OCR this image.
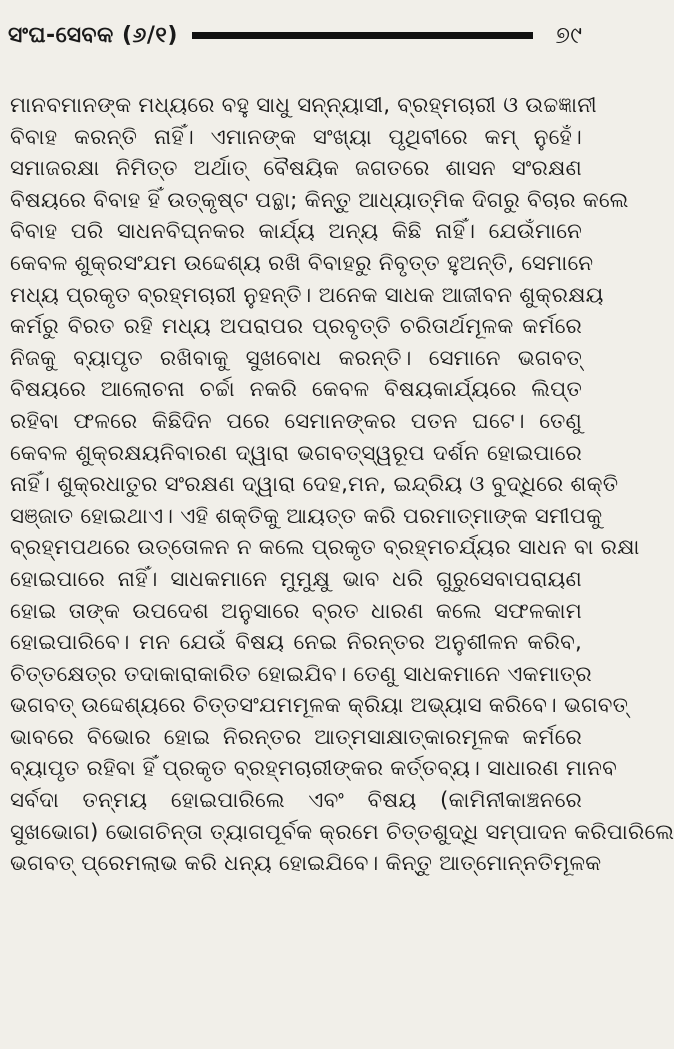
ସଂଘ-ସେବକ (୬/୧)	୭୯
ମାନବମାନଙ୍କ ମଧ୍ୟରେ ବହୁ ସାଧୁ ସନ୍ନ୍ୟାସୀ, ବ୍ରହ୍ମଚାରୀ ଓ ଉଚ୍ଚଜ୍ଞାନୀ
ବିବାହ କରନ୍ତି ନାହିଁ। ଏମାନଙ୍କ ସଂଖ୍ୟା ପୃଥିବୀରେ କମ୍ ନୁହେଁ।
ସମାଜରକ୍ଷା ନିମିତ୍ତ ଅର୍ଥାତ୍ ବୈଷୟିକ ଜଗତରେ ଶାସନ ସଂରକ୍ଷଣ
ବିଷୟରେ ବିବାହ ହିଁ ଉତ୍କୃଷ୍ଟ ପନ୍ଥା; କିନ୍ତୁ ଆଧ୍ୟାତ୍ମିକ ଦିଗରୁ ବିଚାର କଲେ
ବିବାହ ପରି ସାଧନବିଘ୍ନକର କାର୍ଯ୍ୟ ଅନ୍ୟ କିଛି ନାହିଁ। ଯେଉଁମାନେ
କେବଳ ଶୁକ୍ରସଂଯମ ଉଦ୍ଦେଶ୍ୟ ରଖି ବିବାହରୁ ନିବୃତ୍ତ ହୁଅନ୍ତି, ସେମାନେ
ମଧ୍ୟ ପ୍ରକୃତ ବ୍ରହ୍ମଚାରୀ ନୁହନ୍ତି। ଅନେକ ସାଧକ ଆଜୀବନ ଶୁକ୍ରକ୍ଷୟ
କର୍ମରୁ ବିରତ ରହି ମଧ୍ୟ ଅପରାପର ପ୍ରବୃତ୍ତି ଚରିତାର୍ଥମୂଳକ କର୍ମରେ
ନିଜକୁ ବ୍ୟାପୃତ ରଖିବାକୁ ସୁଖବୋଧ କରନ୍ତି। ସେମାନେ ଭଗବତ୍
ବିଷୟରେ ଆଲୋଚନା ଚର୍ଚ୍ଚା ନକରି କେବଳ ବିଷୟକାର୍ଯ୍ୟରେ ଲିପ୍ତ
ରହିବା ଫଳରେ କିଛିଦିନ ପରେ ସେମାନଙ୍କର ପତନ ଘଟେ। ତେଣୁ
କେବଳ ଶୁକ୍ରକ୍ଷୟନିବାରଣ ଦ୍ୱାରା ଭଗବତ୍‌ସ୍ୱରୂପ ଦର୍ଶନ ହୋଇପାରେ
ନାହିଁ। ଶୁକ୍ରଧାତୁର ସଂରକ୍ଷଣ ଦ୍ୱାରା ଦେହ,ମନ, ଇନ୍ଦ୍ରିୟ ଓ ବୁଦ୍ଧିରେ ଶକ୍ତି
ସଞ୍ଜାତ ହୋଇଥାଏ। ଏହି ଶକ୍ତିକୁ ଆୟତ୍ତ କରି ପରମାତ୍ମାଙ୍କ ସମୀପକୁ
ବ୍ରହ୍ମପଥରେ ଉତ୍ତୋଳନ ନ କଲେ ପ୍ରକୃତ ବ୍ରହ୍ମଚର୍ଯ୍ୟର ସାଧନ ବା ରକ୍ଷା
ହୋଇପାରେ ନାହିଁ। ସାଧକମାନେ ମୁମୁକ୍ଷୁ ଭାବ ଧରି ଗୁରୁସେବାପରାୟଣ
ହୋଇ ତାଙ୍କ ଉପଦେଶ ଅନୁସାରେ ବ୍ରତ ଧାରଣ କଲେ ସଫଳକାମ
ହୋଇପାରିବେ। ମନ ଯେଉଁ ବିଷୟ ନେଇ ନିରନ୍ତର ଅନୁଶୀଳନ କରିବ,
ଚିତ୍ତକ୍ଷେତ୍ର ତଦାକାରାକାରିତ ହୋଇଯିବ। ତେଣୁ ସାଧକମାନେ ଏକମାତ୍ର
ଭଗବତ୍ ଉଦ୍ଦେଶ୍ୟରେ ଚିତ୍ତସଂଯମମୂଳକ କ୍ରିୟା ଅଭ୍ୟାସ କରିବେ। ଭଗବତ୍
ଭାବରେ ବିଭୋର ହୋଇ ନିରନ୍ତର ଆତ୍ମସାକ୍ଷାତ୍‌କାରମୂଳକ କର୍ମରେ
ବ୍ୟାପୃତ ରହିବା ହିଁ ପ୍ରକୃତ ବ୍ରହ୍ମଚାରୀଙ୍କର କର୍ତ୍ତବ୍ୟ। ସାଧାରଣ ମାନବ
ସର୍ବଦା ତନ୍ମୟ ହୋଇପାରିଲେ ଏବଂ ବିଷୟ (କାମିନୀକାଞ୍ଚନରେ
ସୁଖଭୋଗ) ଭୋଗଚିନ୍ତା ତ୍ୟାଗପୂର୍ବକ କ୍ରମେ ଚିତ୍ତଶୁଦ୍ଧି ସମ୍ପାଦନ କରିପାରିଲେ
ଭଗବତ୍ ପ୍ରେମଲାଭ କରି ଧନ୍ୟ ହୋଇଯିବେ। କିନ୍ତୁ ଆତ୍ମୋନ୍ନତିମୂଳକ
